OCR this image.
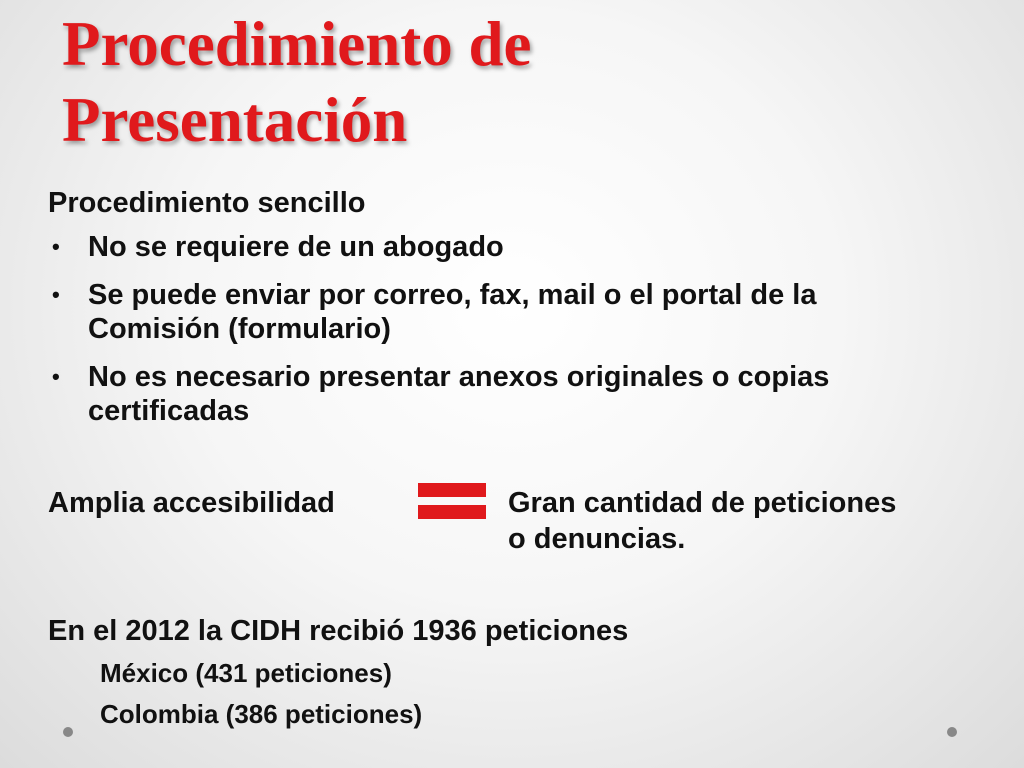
Procedimiento de
Presentación
Procedimiento sencillo
• No se requiere de un abogado
• Se puede enviar por correo, fax, mail o el portal de la
Comisión (formulario)
• No es necesario presentar anexos originales o copias
certificadas
Amplia accesibilidad	Gran cantidad de peticiones
o denuncias.
En el 2012 la CIDH recibió 1936 peticiones
México (431 peticiones)
Colombia (386 peticiones)
